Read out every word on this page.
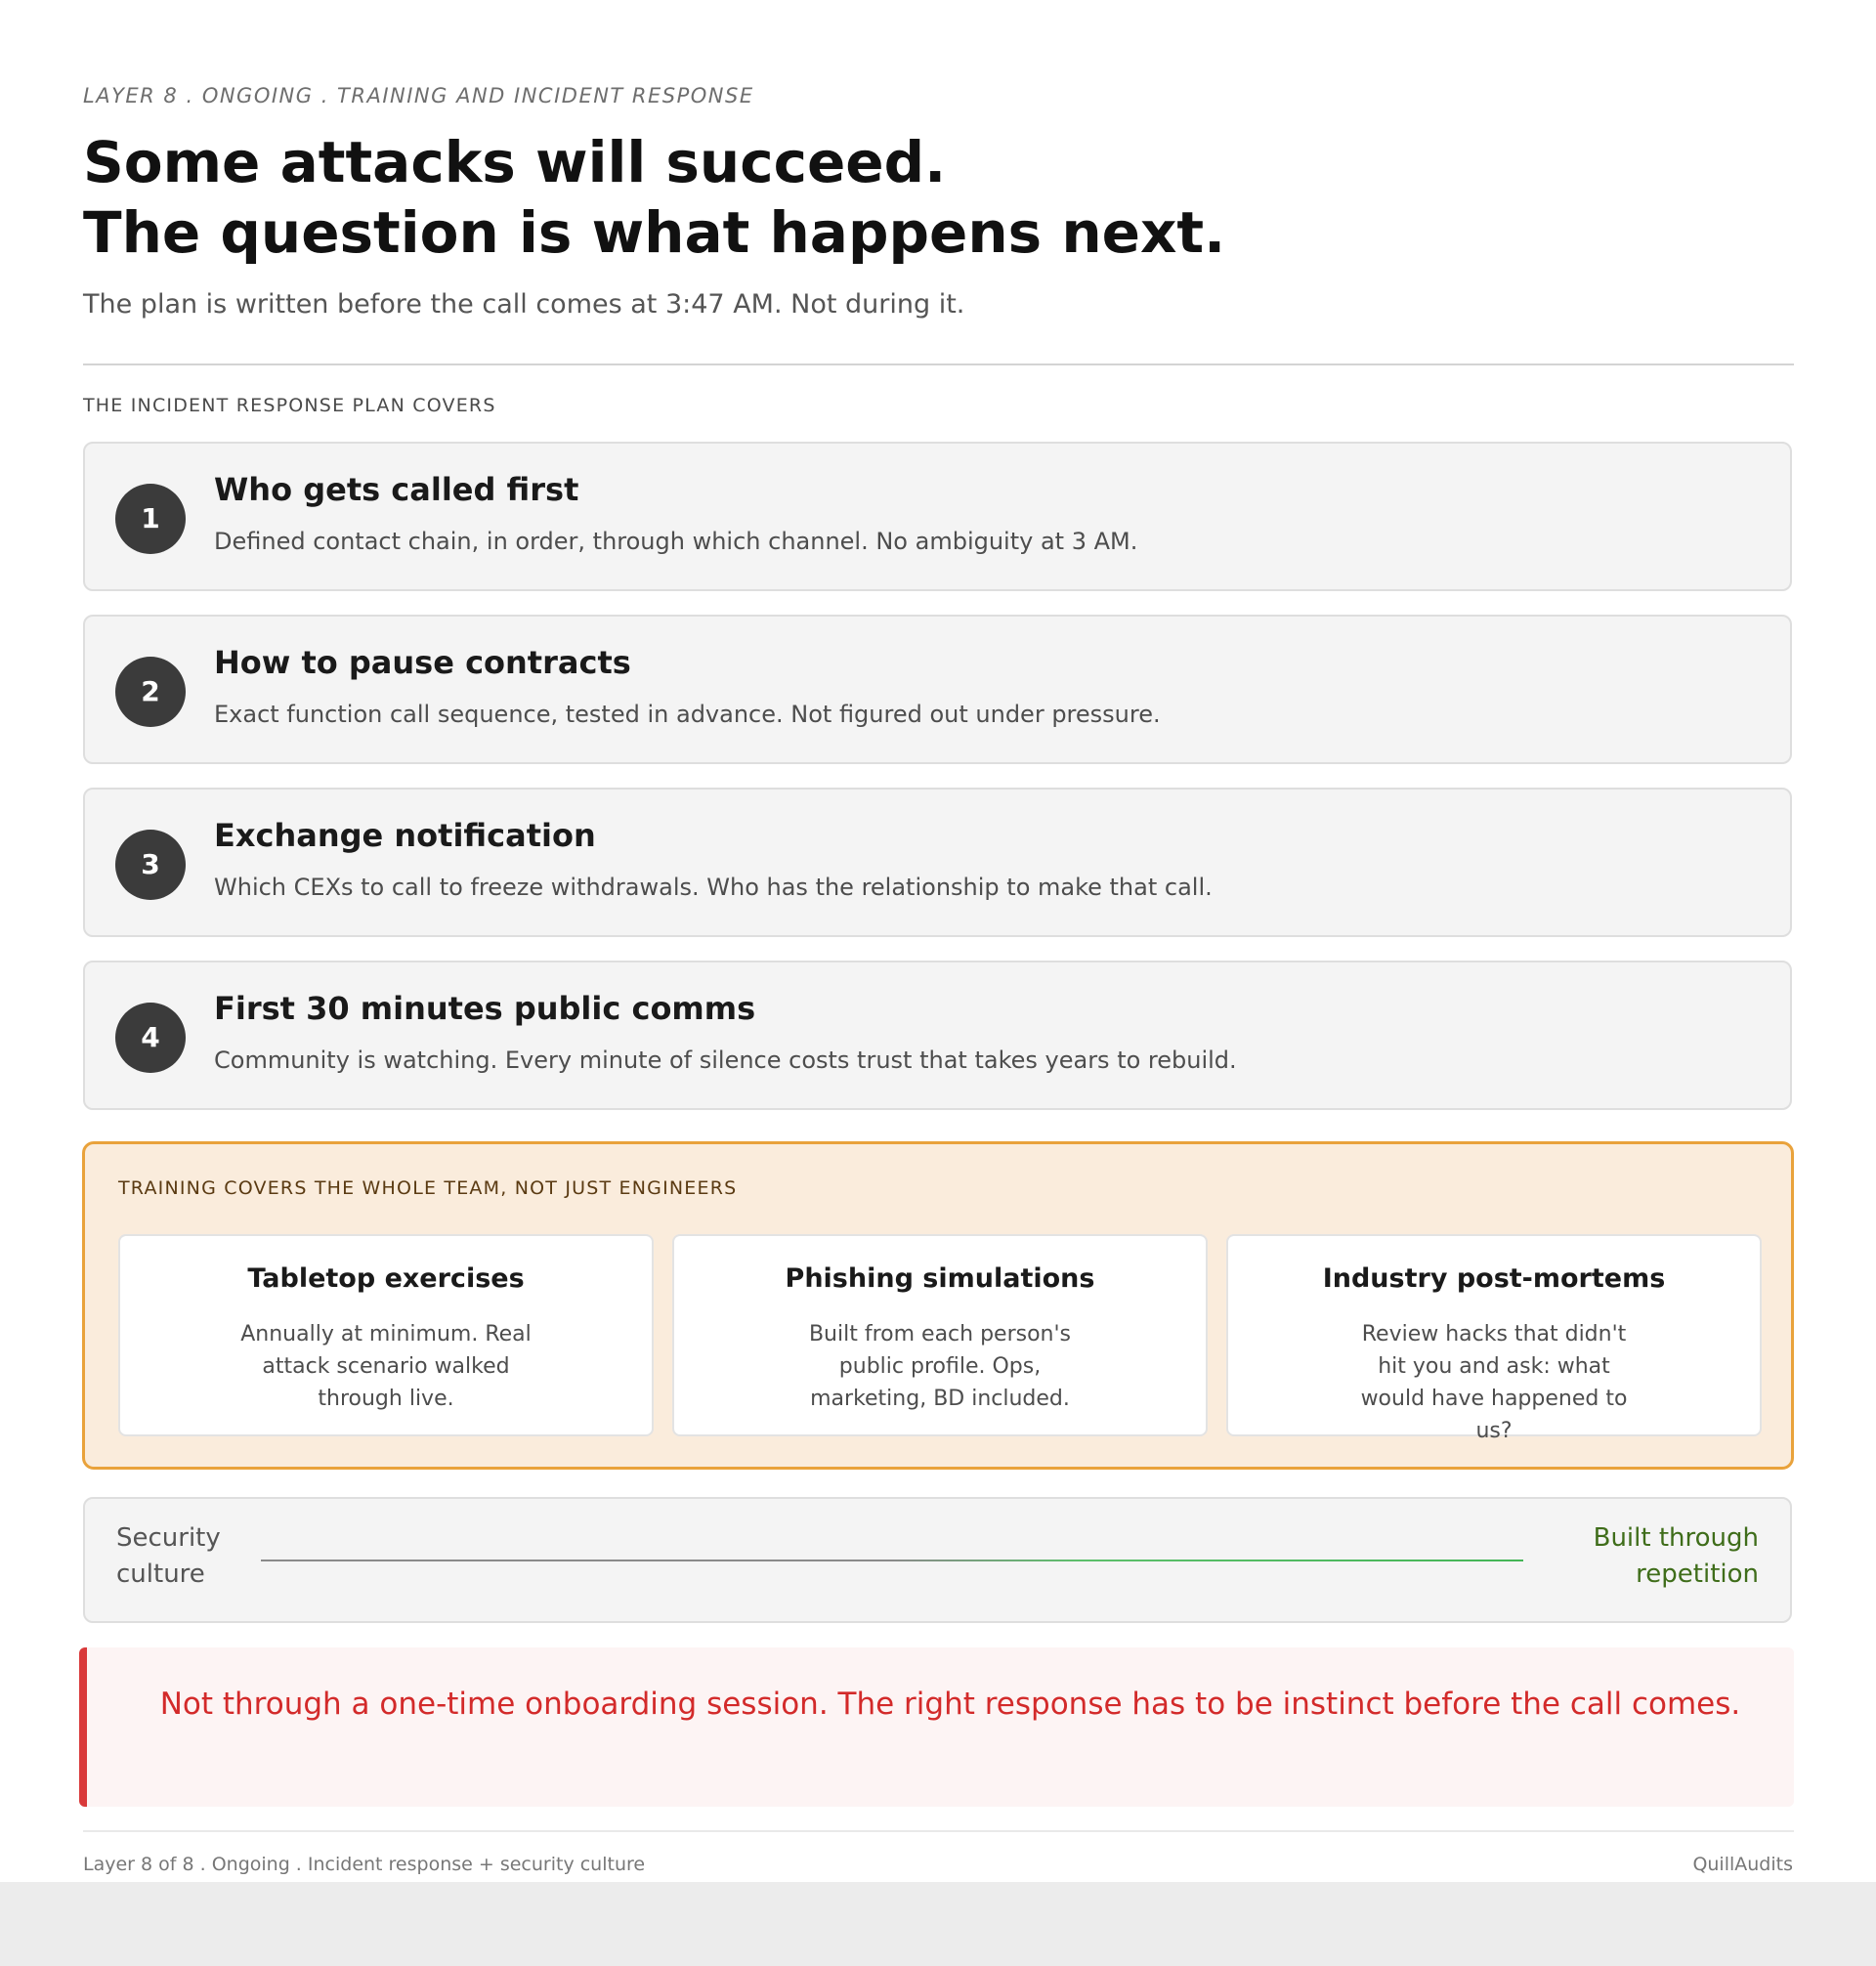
LAYER 8 . ONGOING . TRAINING AND INCIDENT RESPONSE
Some attacks will succeed.
The question is what happens next.
The plan is written before the call comes at 3:47 AM. Not during it.
THE INCIDENT RESPONSE PLAN COVERS
1
Who gets called first
Defined contact chain, in order, through which channel. No ambiguity at 3 AM.
2
How to pause contracts
Exact function call sequence, tested in advance. Not figured out under pressure.
3
Exchange notification
Which CEXs to call to freeze withdrawals. Who has the relationship to make that call.
4
First 30 minutes public comms
Community is watching. Every minute of silence costs trust that takes years to rebuild.
TRAINING COVERS THE WHOLE TEAM, NOT JUST ENGINEERS
Tabletop exercises
Annually at minimum. Real attack scenario walked through live.
Phishing simulations
Built from each person's public profile. Ops, marketing, BD included.
Industry post-mortems
Review hacks that didn't hit you and ask: what would have happened to us?
Security culture
Built through repetition
Not through a one-time onboarding session. The right response has to be instinct before the call comes.
Layer 8 of 8 . Ongoing . Incident response + security culture	QuillAudits
